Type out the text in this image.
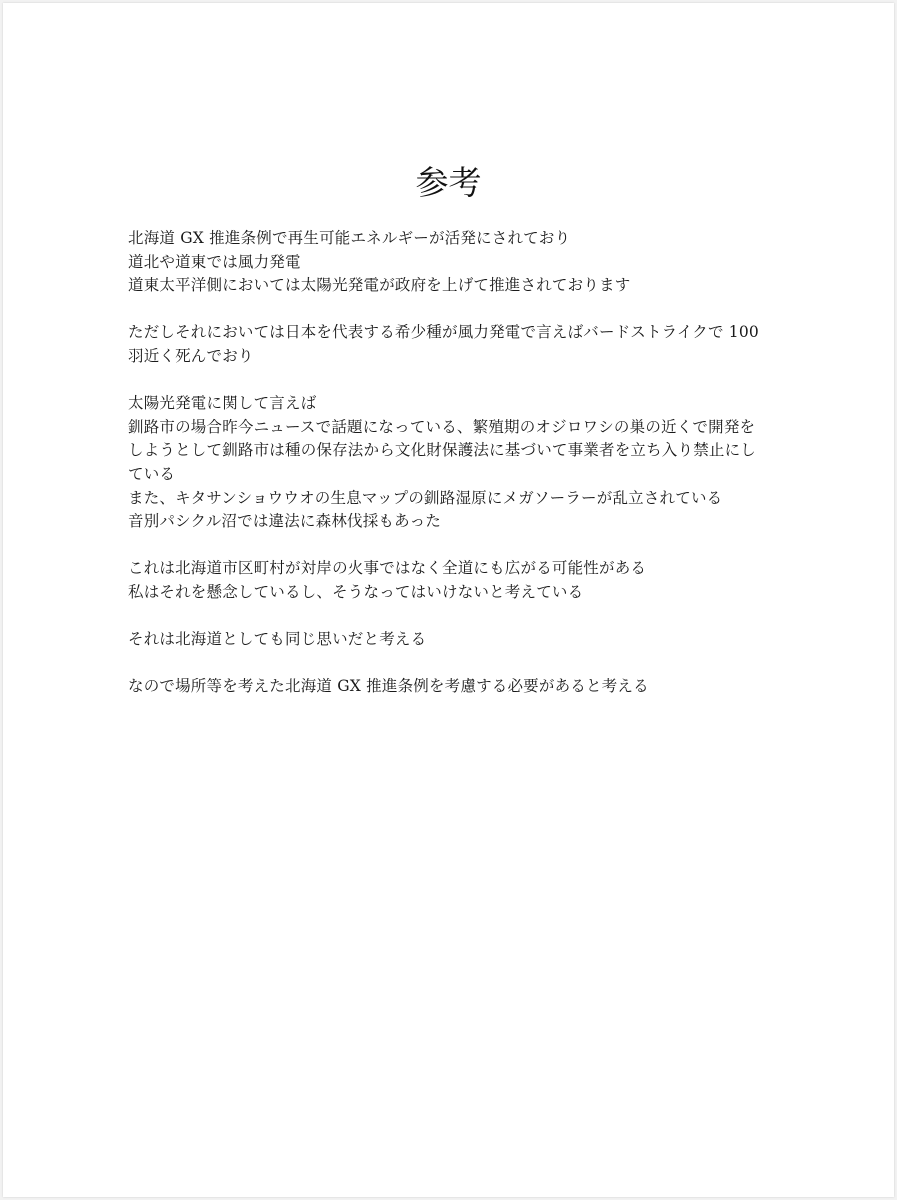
参考

北海道 GX 推進条例で再生可能エネルギーが活発にされており
道北や道東では風力発電
道東太平洋側においては太陽光発電が政府を上げて推進されております

ただしそれにおいては日本を代表する希少種が風力発電で言えばバードストライクで 100
羽近く死んでおり

太陽光発電に関して言えば
釧路市の場合昨今ニュースで話題になっている、繁殖期のオジロワシの巣の近くで開発を
しようとして釧路市は種の保存法から文化財保護法に基づいて事業者を立ち入り禁止にし
ている
また、キタサンショウウオの生息マップの釧路湿原にメガソーラーが乱立されている
音別パシクル沼では違法に森林伐採もあった

これは北海道市区町村が対岸の火事ではなく全道にも広がる可能性がある
私はそれを懸念しているし、そうなってはいけないと考えている

それは北海道としても同じ思いだと考える

なので場所等を考えた北海道 GX 推進条例を考慮する必要があると考える
